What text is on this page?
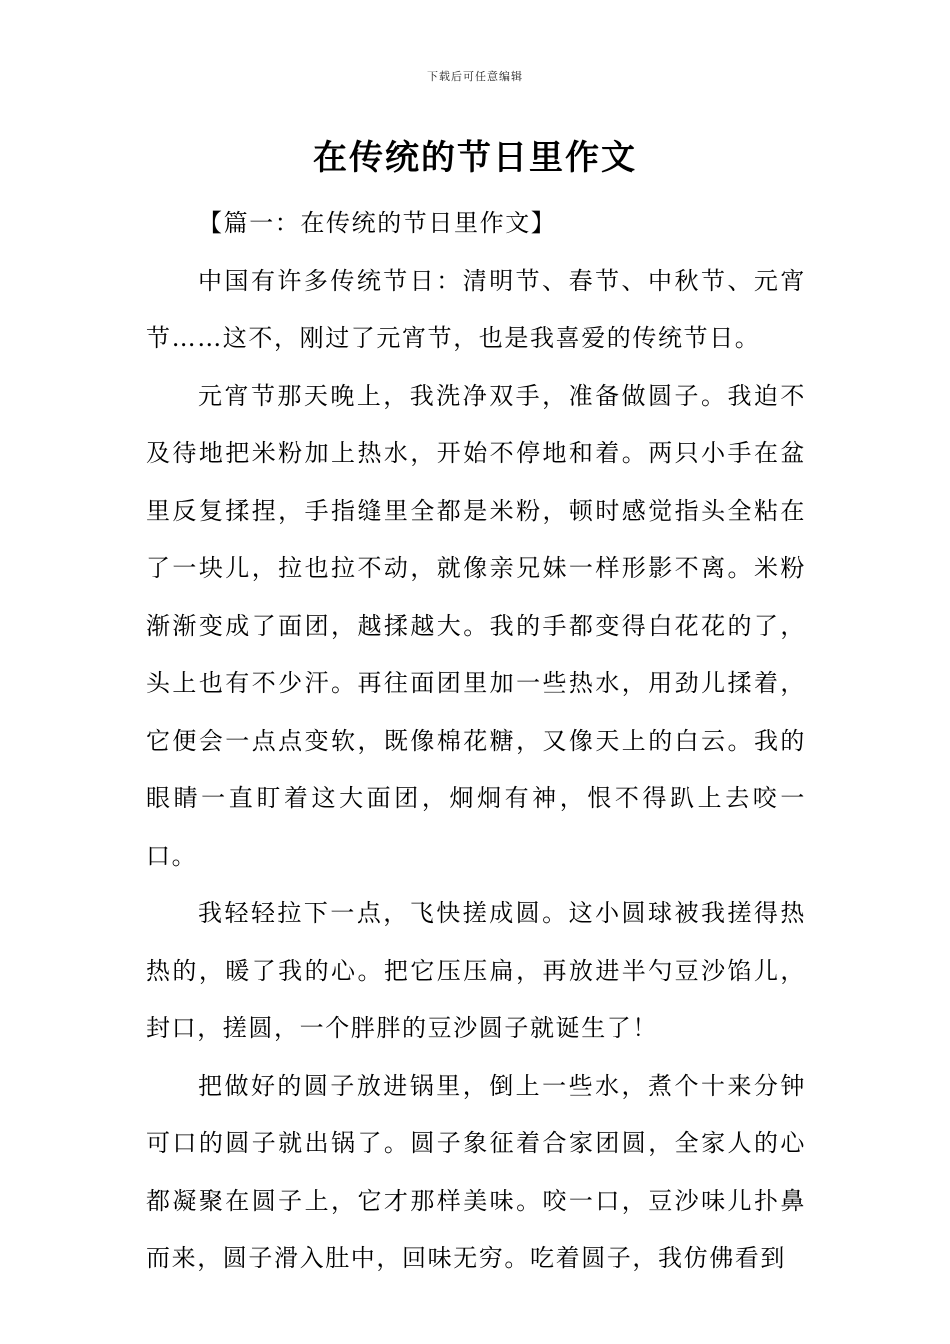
下载后可任意编辑
在传统的节日里作文

【篇一：在传统的节日里作文】

中国有许多传统节日：清明节、春节、中秋节、元宵节……这不，刚过了元宵节，也是我喜爱的传统节日。

元宵节那天晚上，我洗净双手，准备做圆子。我迫不及待地把米粉加上热水，开始不停地和着。两只小手在盆里反复揉捏，手指缝里全都是米粉，顿时感觉指头全粘在了一块儿，拉也拉不动，就像亲兄妹一样形影不离。米粉渐渐变成了面团，越揉越大。我的手都变得白花花的了，头上也有不少汗。再往面团里加一些热水，用劲儿揉着，它便会一点点变软，既像棉花糖，又像天上的白云。我的眼睛一直盯着这大面团，炯炯有神，恨不得趴上去咬一口。

我轻轻拉下一点，飞快搓成圆。这小圆球被我搓得热热的，暖了我的心。把它压压扁，再放进半勺豆沙馅儿，封口，搓圆，一个胖胖的豆沙圆子就诞生了！

把做好的圆子放进锅里，倒上一些水，煮个十来分钟可口的圆子就出锅了。圆子象征着合家团圆，全家人的心都凝聚在圆子上，它才那样美味。咬一口，豆沙味儿扑鼻而来，圆子滑入肚中，回味无穷。吃着圆子，我仿佛看到
